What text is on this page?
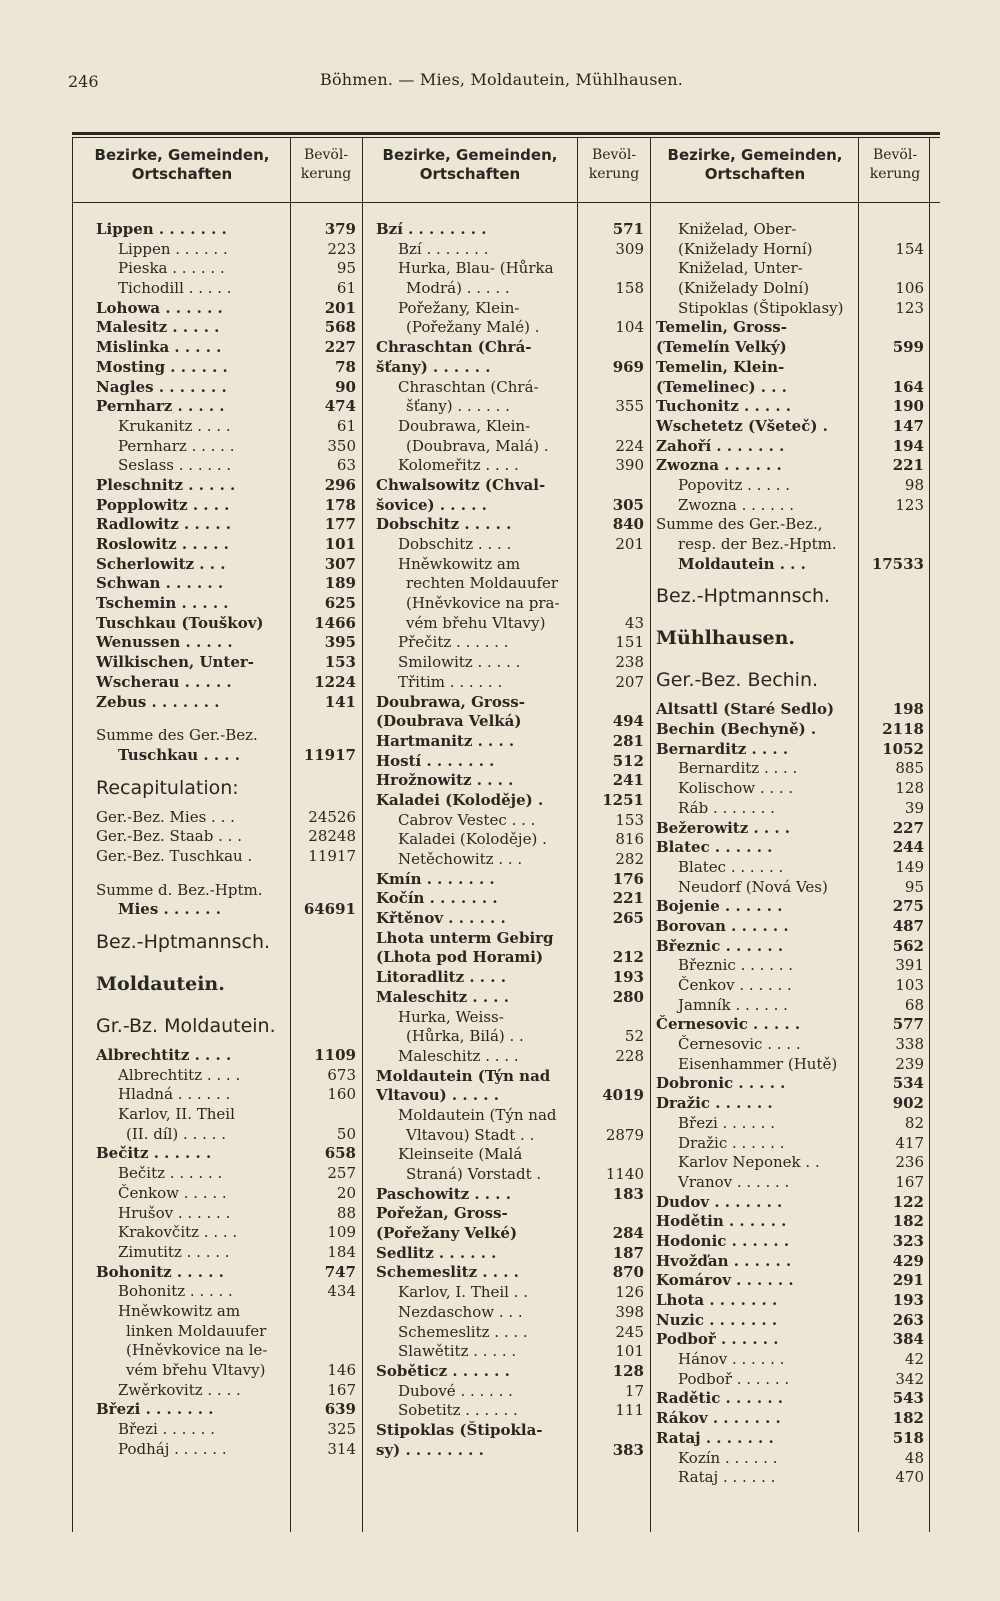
246	Böhmen. — Mies, Moldautein, Mühlhausen.
Bezirke, Gemeinden, Ortschaften
Bevöl-kerung
Bezirke, Gemeinden, Ortschaften
Bevöl-kerung
Bezirke, Gemeinden, Ortschaften
Bevöl-kerung
Lippen . . . . . . .	379
Lippen . . . . . .	223
Pieska . . . . . .	95
Tichodill . . . . .	61
Lohowa . . . . . .	201
Malesitz . . . . .	568
Mislinka . . . . .	227
Mosting . . . . . .	78
Nagles . . . . . . .	90
Pernharz . . . . .	474
Krukanitz . . . .	61
Pernharz . . . . .	350
Seslass . . . . . .	63
Pleschnitz . . . . .	296
Popplowitz . . . .	178
Radlowitz . . . . .	177
Roslowitz . . . . .	101
Scherlowitz . . .	307
Schwan . . . . . .	189
Tschemin . . . . .	625
Tuschkau (Touškov)	1466
Wenussen . . . . .	395
Wilkischen, Unter-	153
Wscherau . . . . .	1224
Zebus . . . . . . .	141
Summe des Ger.-Bez.
Tuschkau . . . .	11917
Recapitulation:
Ger.-Bez. Mies . . .	24526
Ger.-Bez. Staab . . .	28248
Ger.-Bez. Tuschkau .	11917
Summe d. Bez.-Hptm.
Mies . . . . . .	64691
Bez.-Hptmannsch.
Moldautein.
Gr.-Bz. Moldautein.
Albrechtitz . . . .	1109
Albrechtitz . . . .	673
Hladná . . . . . .	160
Karlov, II. Theil
(II. díl) . . . . .	50
Bečitz . . . . . .	658
Bečitz . . . . . .	257
Čenkow . . . . .	20
Hrušov . . . . . .	88
Krakovčitz . . . .	109
Zimutitz . . . . .	184
Bohonitz . . . . .	747
Bohonitz . . . . .	434
Hněwkowitz am
linken Moldauufer
(Hněvkovice na le-
vém břehu Vltavy)	146
Zwěrkovitz . . . .	167
Březi . . . . . . .	639
Březi . . . . . .	325
Podháj . . . . . .	314
Bzí . . . . . . . .	571
Bzí . . . . . . .	309
Hurka, Blau- (Hůrka
Modrá) . . . . .	158
Pořežany, Klein-
(Pořežany Malé) .	104
Chraschtan (Chrá-
šťany) . . . . . .	969
Chraschtan (Chrá-
šťany) . . . . . .	355
Doubrawa, Klein-
(Doubrava, Malá) .	224
Kolomeřitz . . . .	390
Chwalsowitz (Chval-
šovice) . . . . .	305
Dobschitz . . . . .	840
Dobschitz . . . .	201
Hněwkowitz am
rechten Moldauufer
(Hněvkovice na pra-
vém břehu Vltavy)	43
Přečitz . . . . . .	151
Smilowitz . . . . .	238
Třitim . . . . . .	207
Doubrawa, Gross-
(Doubrava Velká)	494
Hartmanitz . . . .	281
Hostí . . . . . . .	512
Hrožnowitz . . . .	241
Kaladei (Koloděje) .	1251
Cabrov Vestec . . .	153
Kaladei (Koloděje) .	816
Netěchowitz . . .	282
Kmín . . . . . . .	176
Kočín . . . . . . .	221
Křtěnov . . . . . .	265
Lhota unterm Gebirg
(Lhota pod Horami)	212
Litoradlitz . . . .	193
Maleschitz . . . .	280
Hurka, Weiss-
(Hůrka, Bilá) . .	52
Maleschitz . . . .	228
Moldautein (Týn nad
Vltavou) . . . . .	4019
Moldautein (Týn nad
Vltavou) Stadt . .	2879
Kleinseite (Malá
Straná) Vorstadt .	1140
Paschowitz . . . .	183
Pořežan, Gross-
(Pořežany Velké)	284
Sedlitz . . . . . .	187
Schemeslitz . . . .	870
Karlov, I. Theil . .	126
Nezdaschow . . .	398
Schemeslitz . . . .	245
Slawětitz . . . . .	101
Soběticz . . . . . .	128
Dubové . . . . . .	17
Sobetitz . . . . . .	111
Stipoklas (Štipokla-
sy) . . . . . . . .	383
Kniželad, Ober-
(Kniželady Horní)	154
Kniželad, Unter-
(Kniželady Dolní)	106
Stipoklas (Štipoklasy)	123
Temelin, Gross-
(Temelín Velký)	599
Temelin, Klein-
(Temelinec) . . .	164
Tuchonitz . . . . .	190
Wschetetz (Všeteč) .	147
Zahoří . . . . . . .	194
Zwozna . . . . . .	221
Popovitz . . . . .	98
Zwozna . . . . . .	123
Summe des Ger.-Bez.,
resp. der Bez.-Hptm.
Moldautein . . .	17533
Bez.-Hptmannsch.
Mühlhausen.
Ger.-Bez. Bechin.
Altsattl (Staré Sedlo)	198
Bechin (Bechyně) .	2118
Bernarditz . . . .	1052
Bernarditz . . . .	885
Kolischow . . . .	128
Ráb . . . . . . .	39
Bežerowitz . . . .	227
Blatec . . . . . .	244
Blatec . . . . . .	149
Neudorf (Nová Ves)	95
Bojenie . . . . . .	275
Borovan . . . . . .	487
Březnic . . . . . .	562
Březnic . . . . . .	391
Čenkov . . . . . .	103
Jamník . . . . . .	68
Černesovic . . . . .	577
Černesovic . . . .	338
Eisenhammer (Hutě)	239
Dobronic . . . . .	534
Dražic . . . . . .	902
Březi . . . . . .	82
Dražic . . . . . .	417
Karlov Neponek . .	236
Vranov . . . . . .	167
Dudov . . . . . . .	122
Hodětin . . . . . .	182
Hodonic . . . . . .	323
Hvožďan . . . . . .	429
Komárov . . . . . .	291
Lhota . . . . . . .	193
Nuzic . . . . . . .	263
Podboř . . . . . .	384
Hánov . . . . . .	42
Podboř . . . . . .	342
Radětic . . . . . .	543
Rákov . . . . . . .	182
Rataj . . . . . . .	518
Kozín . . . . . .	48
Rataj . . . . . .	470
